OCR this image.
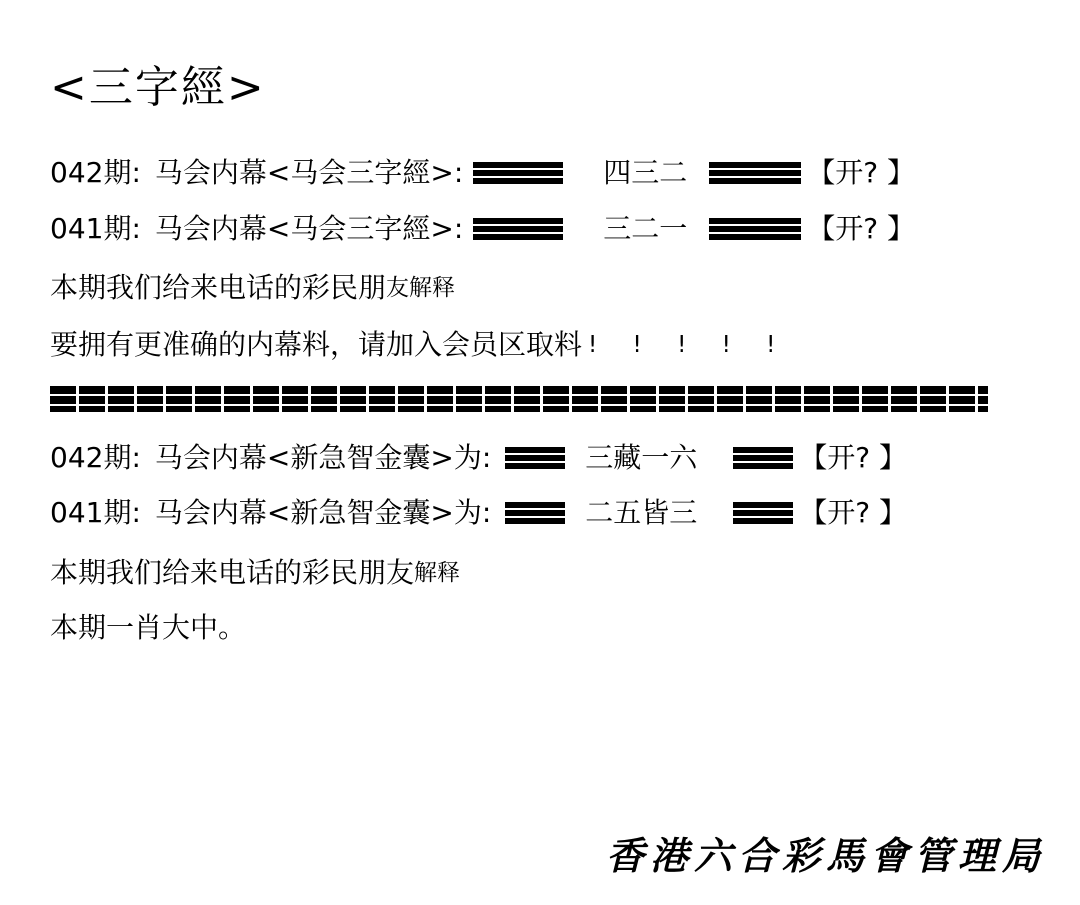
<三字經>
042期: 马会内幕<马会三字經>:	四三二	【开? 】
041期: 马会内幕<马会三字經>:	三二一	【开? 】
本期我们给来电话的彩民朋友解释
要拥有更准确的内幕料，请加入会员区取料 ! ! ! ! !
042期: 马会内幕<新急智金囊>为:	三藏一六	【开? 】
041期: 马会内幕<新急智金囊>为:	二五皆三	【开? 】
本期我们给来电话的彩民朋友解释
本期一肖大中。
香港六合彩馬會管理局
